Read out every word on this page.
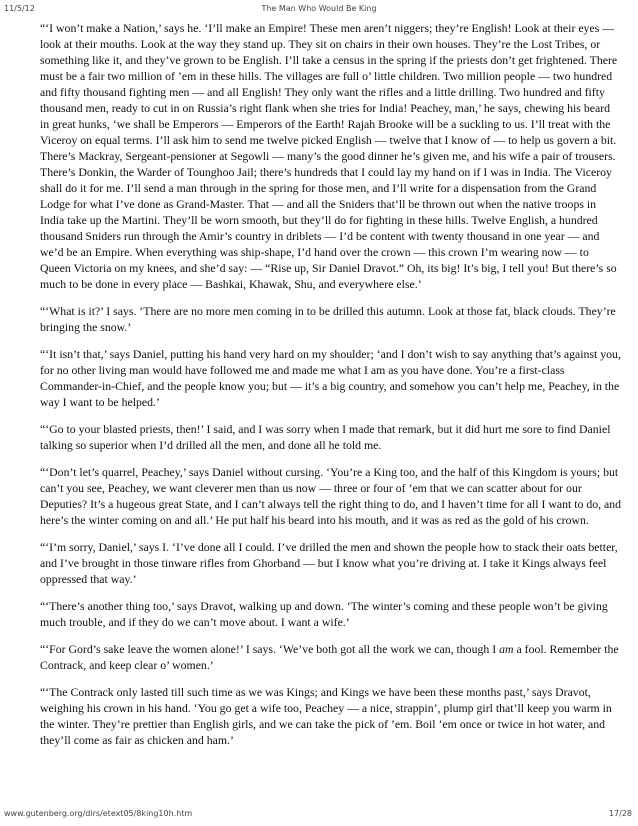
11/5/12	The Man Who Would Be King

“‘I won’t make a Nation,’ says he. ‘I’ll make an Empire! These men aren’t niggers; they’re English! Look at their eyes — look at their mouths. Look at the way they stand up. They sit on chairs in their own houses. They’re the Lost Tribes, or something like it, and they’ve grown to be English. I’ll take a census in the spring if the priests don’t get frightened. There must be a fair two million of ’em in these hills. The villages are full o’ little children. Two million people — two hundred and fifty thousand fighting men — and all English! They only want the rifles and a little drilling. Two hundred and fifty thousand men, ready to cut in on Russia’s right flank when she tries for India! Peachey, man,’ he says, chewing his beard in great hunks, ‘we shall be Emperors — Emperors of the Earth! Rajah Brooke will be a suckling to us. I’ll treat with the Viceroy on equal terms. I’ll ask him to send me twelve picked English — twelve that I know of — to help us govern a bit. There’s Mackray, Sergeant-pensioner at Segowli — many’s the good dinner he’s given me, and his wife a pair of trousers. There’s Donkin, the Warder of Tounghoo Jail; there’s hundreds that I could lay my hand on if I was in India. The Viceroy shall do it for me. I’ll send a man through in the spring for those men, and I’ll write for a dispensation from the Grand Lodge for what I’ve done as Grand-Master. That — and all the Sniders that’ll be thrown out when the native troops in India take up the Martini. They’ll be worn smooth, but they’ll do for fighting in these hills. Twelve English, a hundred thousand Sniders run through the Amir’s country in driblets — I’d be content with twenty thousand in one year — and we’d be an Empire. When everything was ship-shape, I’d hand over the crown — this crown I’m wearing now — to Queen Victoria on my knees, and she’d say: — “Rise up, Sir Daniel Dravot.” Oh, its big! It’s big, I tell you! But there’s so much to be done in every place — Bashkai, Khawak, Shu, and everywhere else.’

“‘What is it?’ I says. ‘There are no more men coming in to be drilled this autumn. Look at those fat, black clouds. They’re bringing the snow.’

“‘It isn’t that,’ says Daniel, putting his hand very hard on my shoulder; ‘and I don’t wish to say anything that’s against you, for no other living man would have followed me and made me what I am as you have done. You’re a first-class Commander-in-Chief, and the people know you; but — it’s a big country, and somehow you can’t help me, Peachey, in the way I want to be helped.’

“‘Go to your blasted priests, then!’ I said, and I was sorry when I made that remark, but it did hurt me sore to find Daniel talking so superior when I’d drilled all the men, and done all he told me.

“‘Don’t let’s quarrel, Peachey,’ says Daniel without cursing. ‘You’re a King too, and the half of this Kingdom is yours; but can’t you see, Peachey, we want cleverer men than us now — three or four of ’em that we can scatter about for our Deputies? It’s a hugeous great State, and I can’t always tell the right thing to do, and I haven’t time for all I want to do, and here’s the winter coming on and all.’ He put half his beard into his mouth, and it was as red as the gold of his crown.

“‘I’m sorry, Daniel,’ says I. ‘I’ve done all I could. I’ve drilled the men and shown the people how to stack their oats better, and I’ve brought in those tinware rifles from Ghorband — but I know what you’re driving at. I take it Kings always feel oppressed that way.’

“‘There’s another thing too,’ says Dravot, walking up and down. ‘The winter’s coming and these people won’t be giving much trouble, and if they do we can’t move about. I want a wife.’

“‘For Gord’s sake leave the women alone!’ I says. ‘We’ve both got all the work we can, though I am a fool. Remember the Contrack, and keep clear o’ women.’

“‘The Contrack only lasted till such time as we was Kings; and Kings we have been these months past,’ says Dravot, weighing his crown in his hand. ‘You go get a wife too, Peachey — a nice, strappin’, plump girl that’ll keep you warm in the winter. They’re prettier than English girls, and we can take the pick of ’em. Boil ’em once or twice in hot water, and they’ll come as fair as chicken and ham.’

www.gutenberg.org/dirs/etext05/8king10h.htm	17/28
